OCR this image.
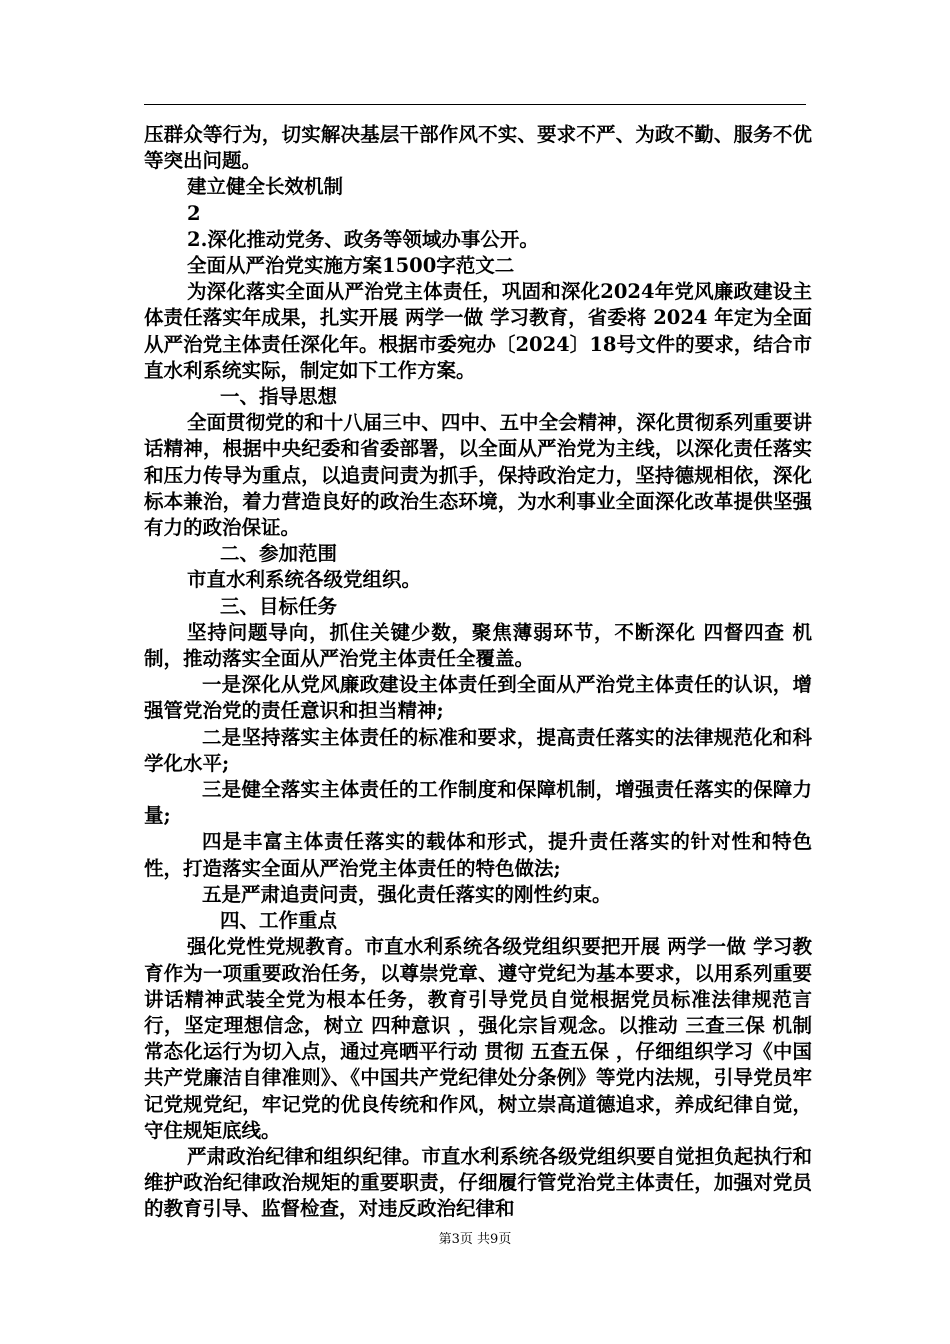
压群众等行为，切实解决基层干部作风不实、要求不严、为政不勤、服务不优等突出问题。

建立健全长效机制

2

2.深化推动党务、政务等领域办事公开。

全面从严治党实施方案1500字范文二

为深化落实全面从严治党主体责任，巩固和深化2024年党风廉政建设主体责任落实年成果，扎实开展 两学一做 学习教育，省委将 2024 年定为全面从严治党主体责任深化年。根据市委宛办〔2024〕18号文件的要求，结合市直水利系统实际，制定如下工作方案。

一、指导思想

全面贯彻党的和十八届三中、四中、五中全会精神，深化贯彻系列重要讲话精神，根据中央纪委和省委部署，以全面从严治党为主线，以深化责任落实和压力传导为重点，以追责问责为抓手，保持政治定力，坚持德规相依，深化标本兼治，着力营造良好的政治生态环境，为水利事业全面深化改革提供坚强有力的政治保证。

二、参加范围

市直水利系统各级党组织。

三、目标任务

坚持问题导向，抓住关键少数，聚焦薄弱环节，不断深化 四督四查 机制，推动落实全面从严治党主体责任全覆盖。

一是深化从党风廉政建设主体责任到全面从严治党主体责任的认识，增强管党治党的责任意识和担当精神;

二是坚持落实主体责任的标准和要求，提高责任落实的法律规范化和科学化水平;

三是健全落实主体责任的工作制度和保障机制，增强责任落实的保障力量;

四是丰富主体责任落实的载体和形式，提升责任落实的针对性和特色性，打造落实全面从严治党主体责任的特色做法;

五是严肃追责问责，强化责任落实的刚性约束。

四、工作重点

强化党性党规教育。市直水利系统各级党组织要把开展 两学一做 学习教育作为一项重要政治任务，以尊崇党章、遵守党纪为基本要求，以用系列重要讲话精神武装全党为根本任务，教育引导党员自觉根据党员标准法律规范言行，坚定理想信念，树立 四种意识 ，强化宗旨观念。以推动 三查三保 机制常态化运行为切入点，通过亮晒平行动 贯彻 五查五保 ，仔细组织学习《中国共产党廉洁自律准则》、《中国共产党纪律处分条例》等党内法规，引导党员牢记党规党纪，牢记党的优良传统和作风，树立崇高道德追求，养成纪律自觉，守住规矩底线。

严肃政治纪律和组织纪律。市直水利系统各级党组织要自觉担负起执行和维护政治纪律政治规矩的重要职责，仔细履行管党治党主体责任，加强对党员的教育引导、监督检查，对违反政治纪律和

第3页 共9页
